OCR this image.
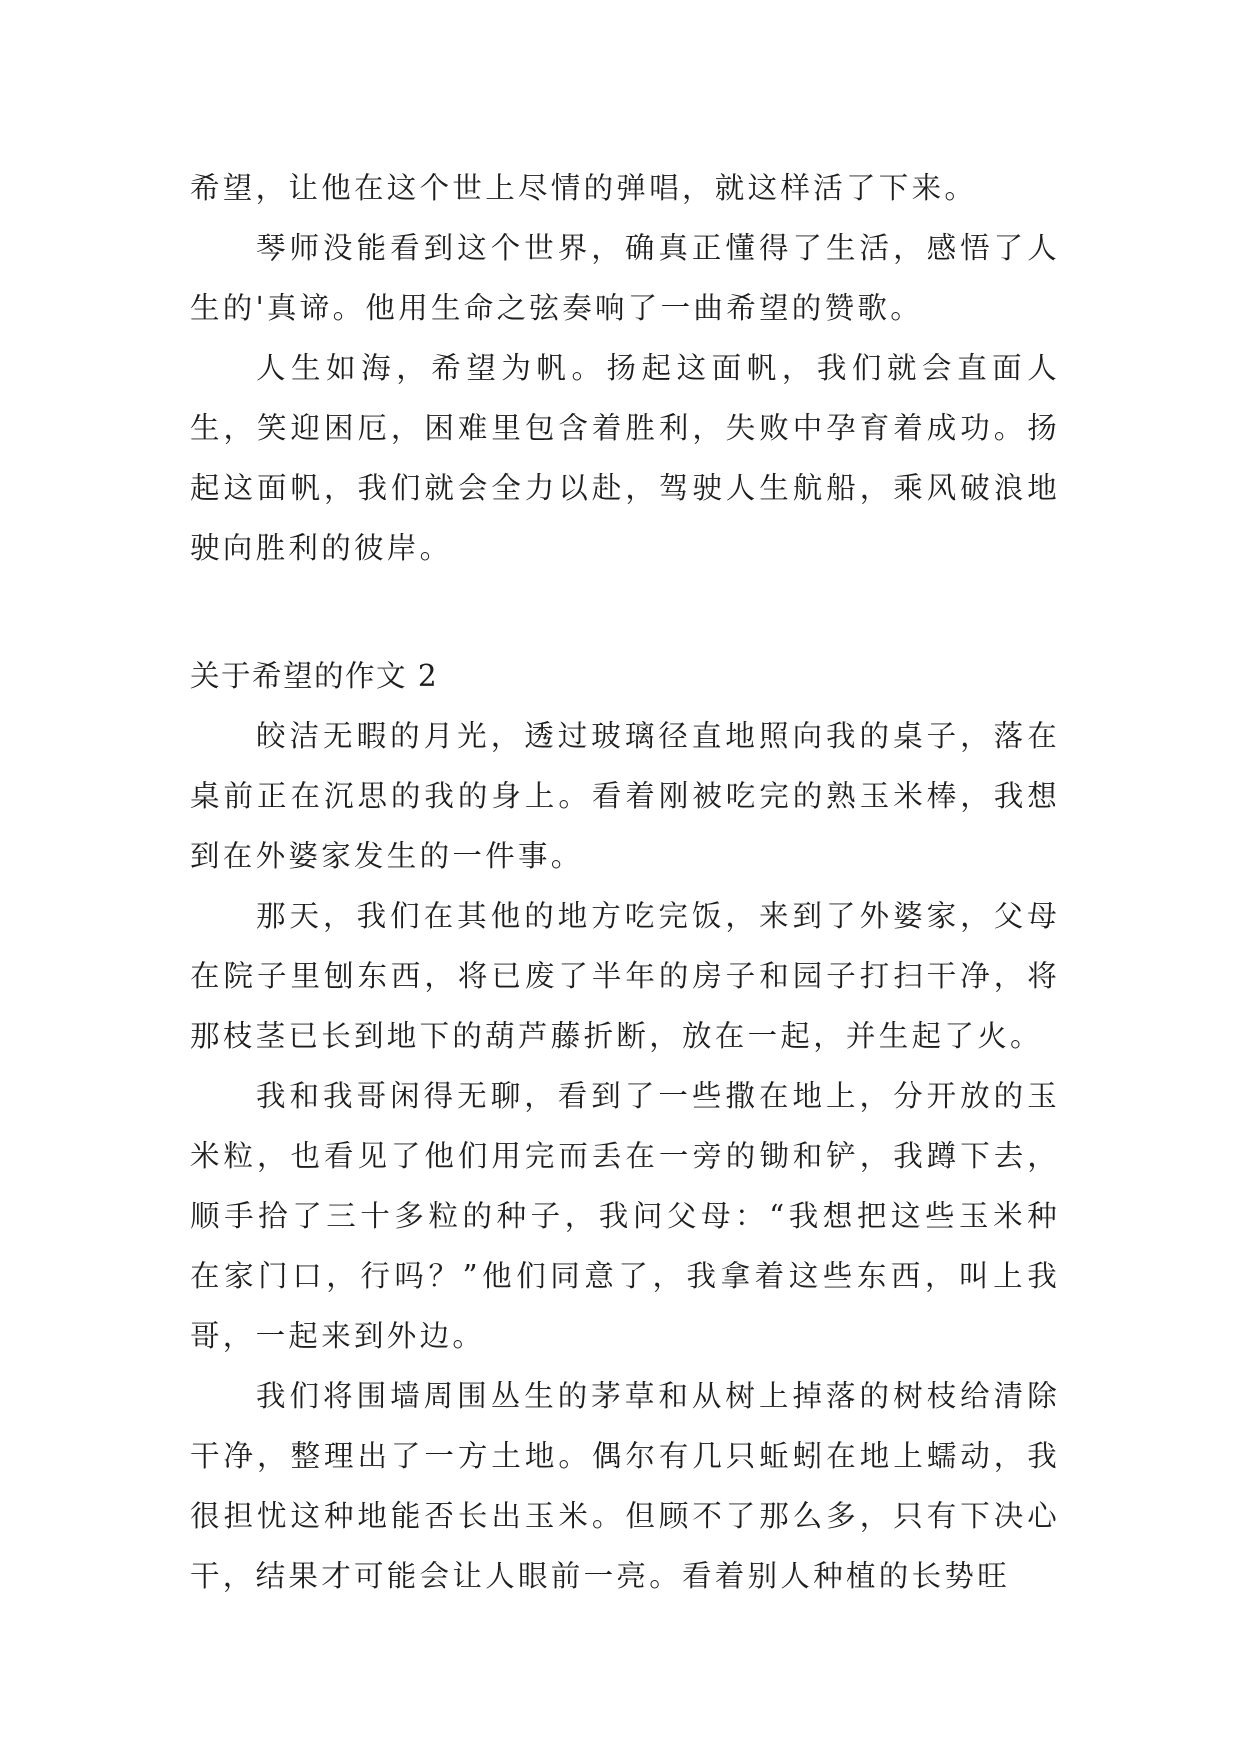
希望，让他在这个世上尽情的弹唱，就这样活了下来。

琴师没能看到这个世界，确真正懂得了生活，感悟了人生的'真谛。他用生命之弦奏响了一曲希望的赞歌。

人生如海，希望为帆。扬起这面帆，我们就会直面人生，笑迎困厄，困难里包含着胜利，失败中孕育着成功。扬起这面帆，我们就会全力以赴，驾驶人生航船，乘风破浪地驶向胜利的彼岸。

关于希望的作文 2

皎洁无暇的月光，透过玻璃径直地照向我的桌子，落在桌前正在沉思的我的身上。看着刚被吃完的熟玉米棒，我想到在外婆家发生的一件事。

那天，我们在其他的地方吃完饭，来到了外婆家，父母在院子里刨东西，将已废了半年的房子和园子打扫干净，将那枝茎已长到地下的葫芦藤折断，放在一起，并生起了火。

我和我哥闲得无聊，看到了一些撒在地上，分开放的玉米粒，也看见了他们用完而丢在一旁的锄和铲，我蹲下去，顺手拾了三十多粒的种子，我问父母：“我想把这些玉米种在家门口，行吗？”他们同意了，我拿着这些东西，叫上我哥，一起来到外边。

我们将围墙周围丛生的茅草和从树上掉落的树枝给清除干净，整理出了一方土地。偶尔有几只蚯蚓在地上蠕动，我很担忧这种地能否长出玉米。但顾不了那么多，只有下决心干，结果才可能会让人眼前一亮。看着别人种植的长势旺
